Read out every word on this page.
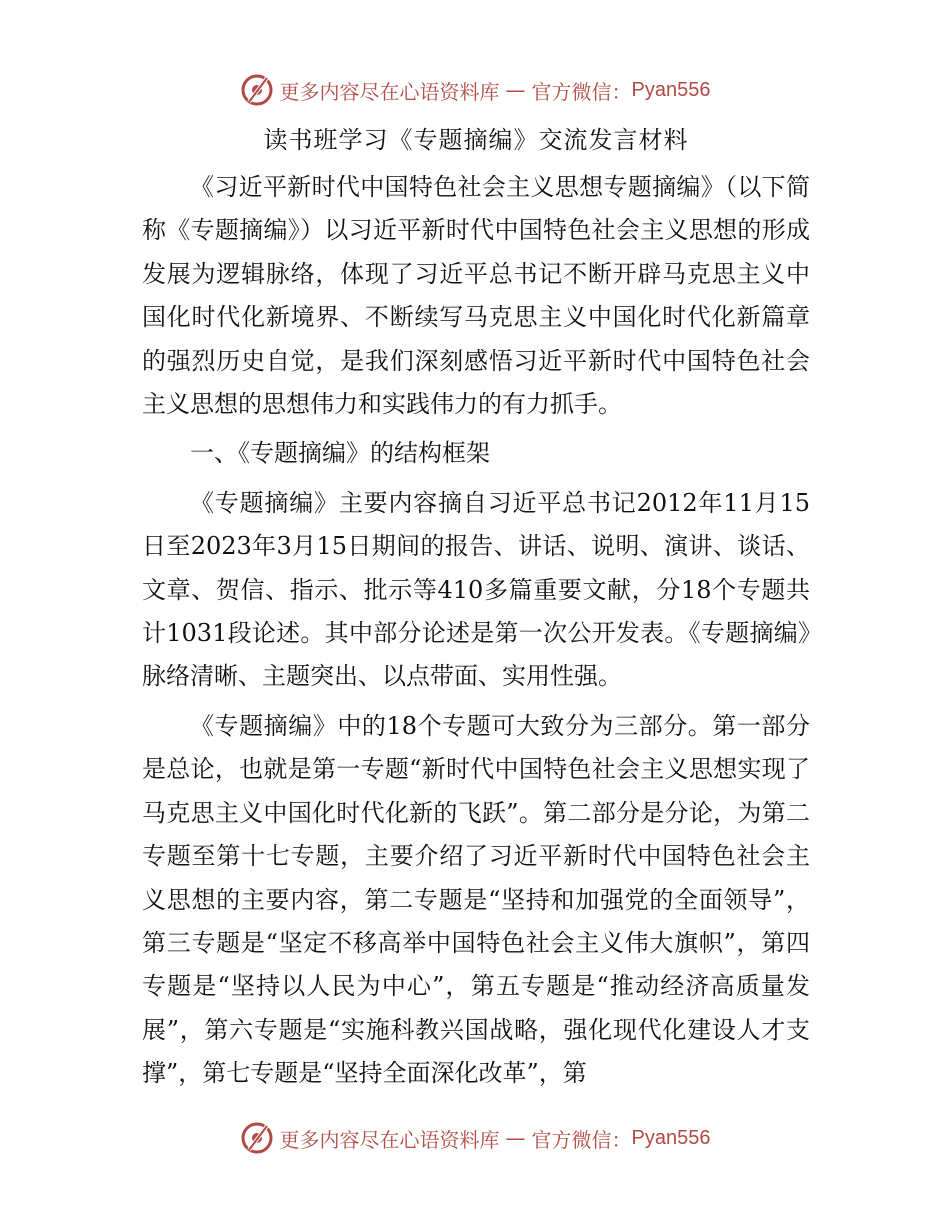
更多内容尽在心语资料库 — 官方微信： Pyan556
读书班学习《专题摘编》交流发言材料

《习近平新时代中国特色社会主义思想专题摘编》（以下简称《专题摘编》）以习近平新时代中国特色社会主义思想的形成发展为逻辑脉络，体现了习近平总书记不断开辟马克思主义中国化时代化新境界、不断续写马克思主义中国化时代化新篇章的强烈历史自觉，是我们深刻感悟习近平新时代中国特色社会主义思想的思想伟力和实践伟力的有力抓手。

一、《专题摘编》的结构框架

《专题摘编》主要内容摘自习近平总书记2012年11月15日至2023年3月15日期间的报告、讲话、说明、演讲、谈话、文章、贺信、指示、批示等410多篇重要文献，分18个专题共计1031段论述。其中部分论述是第一次公开发表。《专题摘编》脉络清晰、主题突出、以点带面、实用性强。

《专题摘编》中的18个专题可大致分为三部分。第一部分是总论，也就是第一专题“新时代中国特色社会主义思想实现了马克思主义中国化时代化新的飞跃”。第二部分是分论，为第二专题至第十七专题，主要介绍了习近平新时代中国特色社会主义思想的主要内容，第二专题是“坚持和加强党的全面领导”，第三专题是“坚定不移高举中国特色社会主义伟大旗帜”，第四专题是“坚持以人民为中心”，第五专题是“推动经济高质量发展”，第六专题是“实施科教兴国战略，强化现代化建设人才支撑”，第七专题是“坚持全面深化改革”，第

更多内容尽在心语资料库 — 官方微信： Pyan556
